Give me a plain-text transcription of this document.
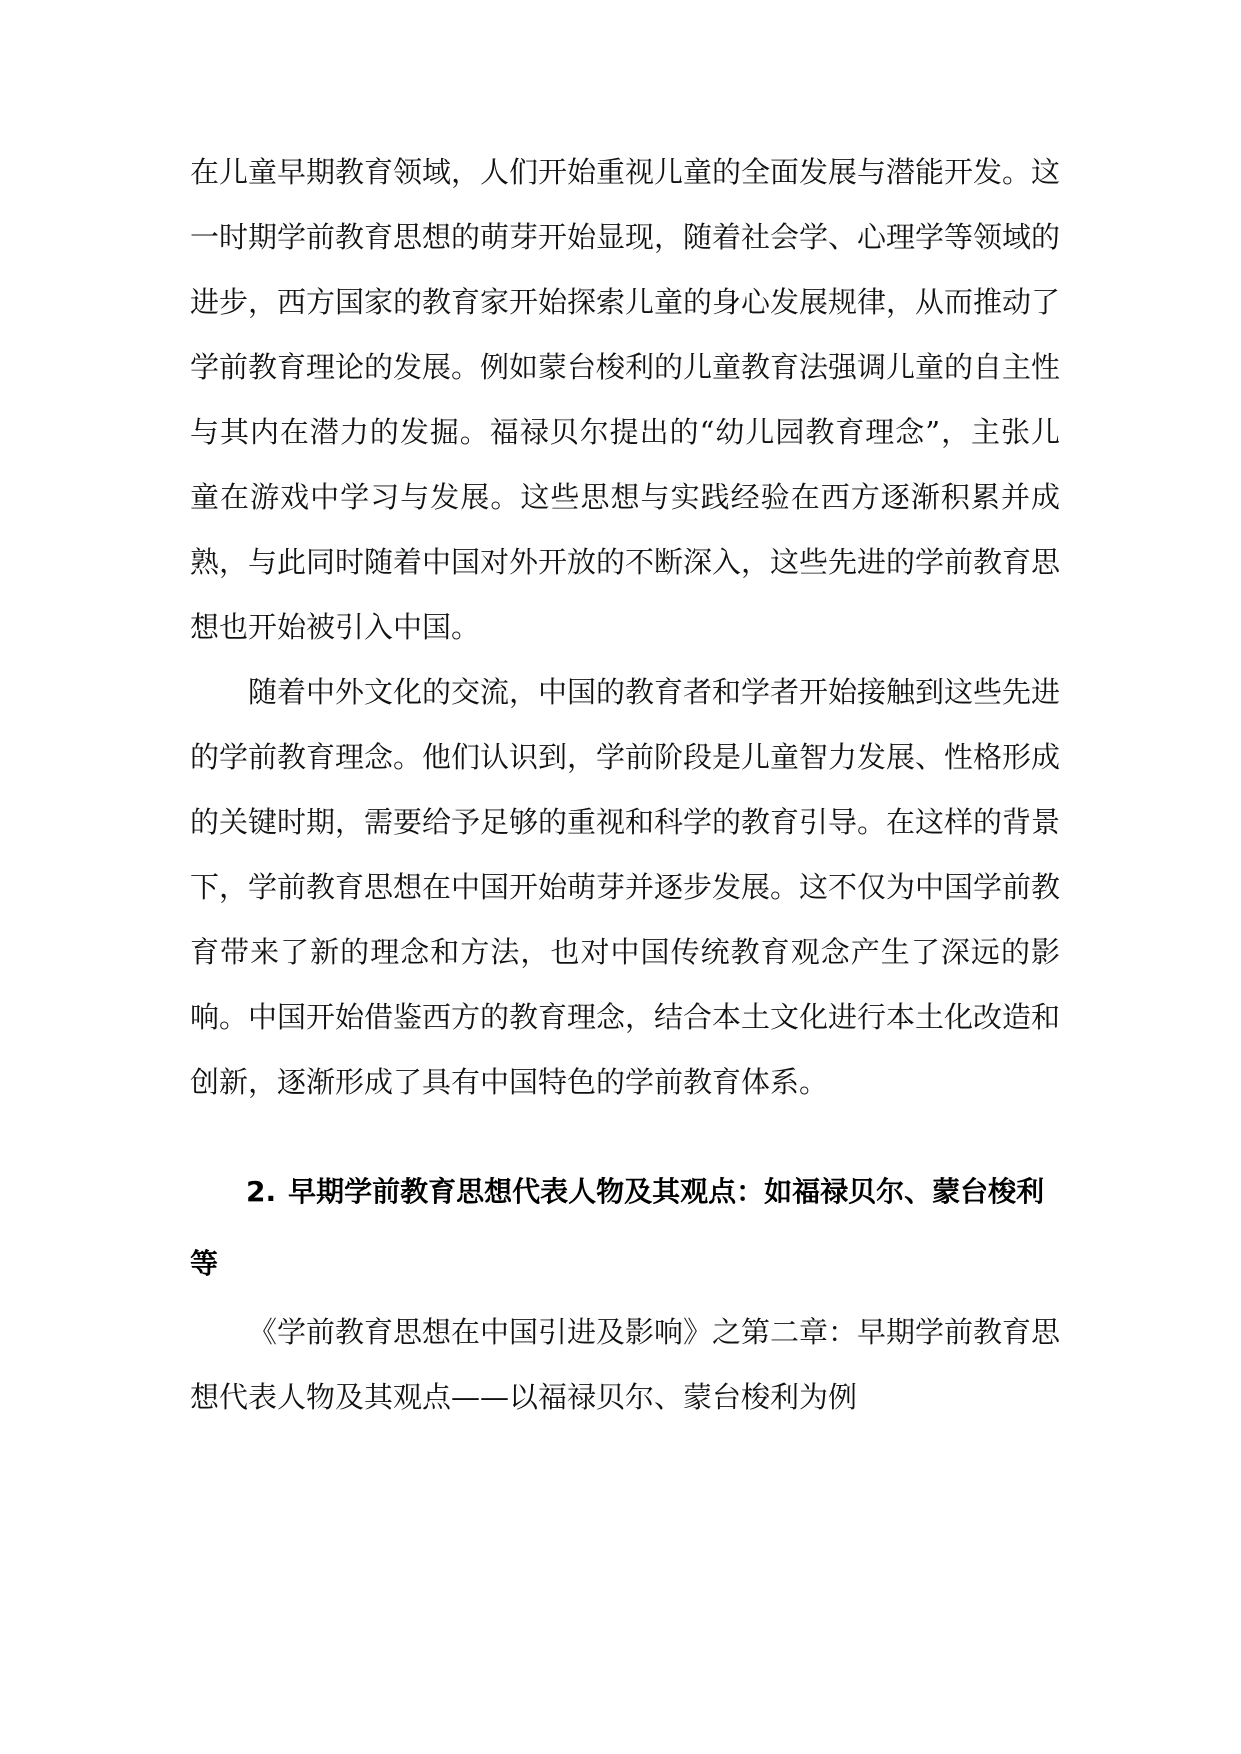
在儿童早期教育领域，人们开始重视儿童的全面发展与潜能开发。这一时期学前教育思想的萌芽开始显现，随着社会学、心理学等领域的进步，西方国家的教育家开始探索儿童的身心发展规律，从而推动了学前教育理论的发展。例如蒙台梭利的儿童教育法强调儿童的自主性与其内在潜力的发掘。福禄贝尔提出的“幼儿园教育理念”，主张儿童在游戏中学习与发展。这些思想与实践经验在西方逐渐积累并成熟，与此同时随着中国对外开放的不断深入，这些先进的学前教育思想也开始被引入中国。

随着中外文化的交流，中国的教育者和学者开始接触到这些先进的学前教育理念。他们认识到，学前阶段是儿童智力发展、性格形成的关键时期，需要给予足够的重视和科学的教育引导。在这样的背景下，学前教育思想在中国开始萌芽并逐步发展。这不仅为中国学前教育带来了新的理念和方法，也对中国传统教育观念产生了深远的影响。中国开始借鉴西方的教育理念，结合本土文化进行本土化改造和创新，逐渐形成了具有中国特色的学前教育体系。

2. 早期学前教育思想代表人物及其观点：如福禄贝尔、蒙台梭利等

《学前教育思想在中国引进及影响》之第二章：早期学前教育思想代表人物及其观点——以福禄贝尔、蒙台梭利为例
